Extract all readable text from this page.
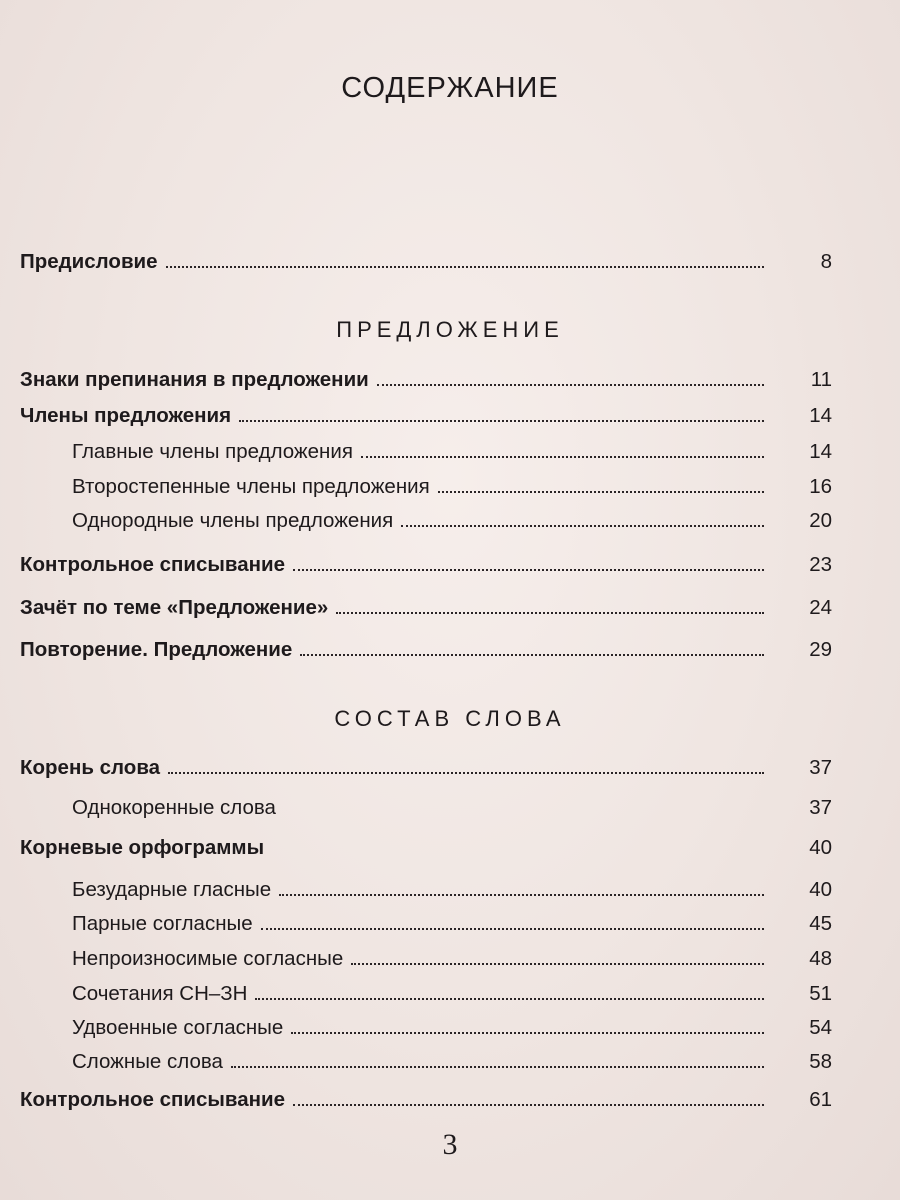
СОДЕРЖАНИЕ
Предисловие	8
ПРЕДЛОЖЕНИЕ
Знаки препинания в предложении	11
Члены предложения	14
Главные члены предложения	14
Второстепенные члены предложения	16
Однородные члены предложения	20
Контрольное списывание	23
Зачёт по теме «Предложение»	24
Повторение. Предложение	29
СОСТАВ СЛОВА
Корень слова	37
Однокоренные слова	37
Корневые орфограммы	40
Безударные гласные	40
Парные согласные	45
Непроизносимые согласные	48
Сочетания СН–ЗН	51
Удвоенные согласные	54
Сложные слова	58
Контрольное списывание	61
3
